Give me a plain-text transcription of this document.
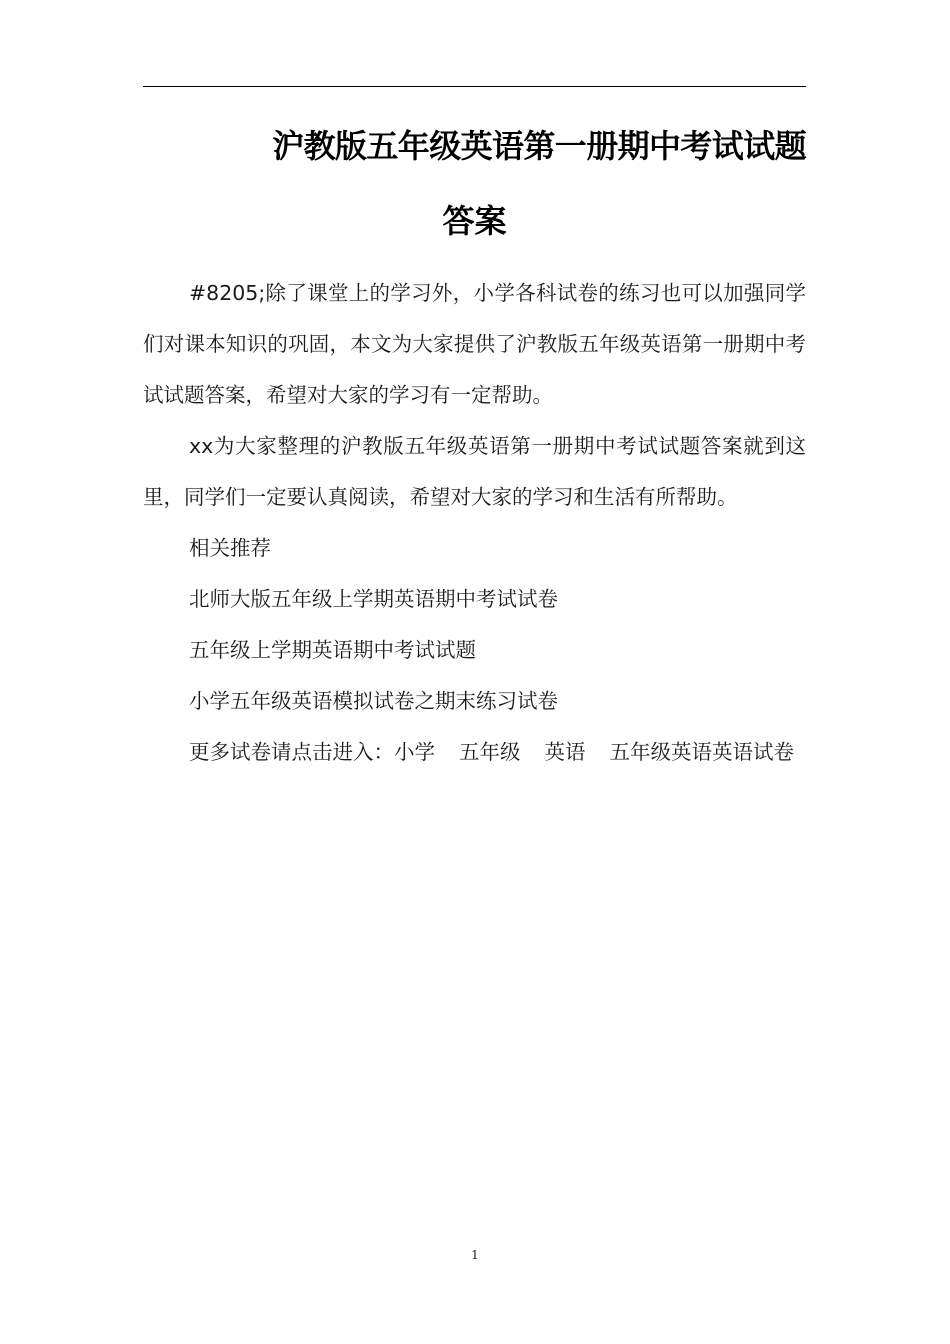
沪教版五年级英语第一册期中考试试题
答案

#8205;除了课堂上的学习外，小学各科试卷的练习也可以加强同学们对课本知识的巩固，本文为大家提供了沪教版五年级英语第一册期中考试试题答案，希望对大家的学习有一定帮助。

xx为大家整理的沪教版五年级英语第一册期中考试试题答案就到这里，同学们一定要认真阅读，希望对大家的学习和生活有所帮助。

相关推荐

北师大版五年级上学期英语期中考试试卷

五年级上学期英语期中考试试题

小学五年级英语模拟试卷之期末练习试卷

更多试卷请点击进入：小学 五年级 英语 五年级英语英语试卷

1
